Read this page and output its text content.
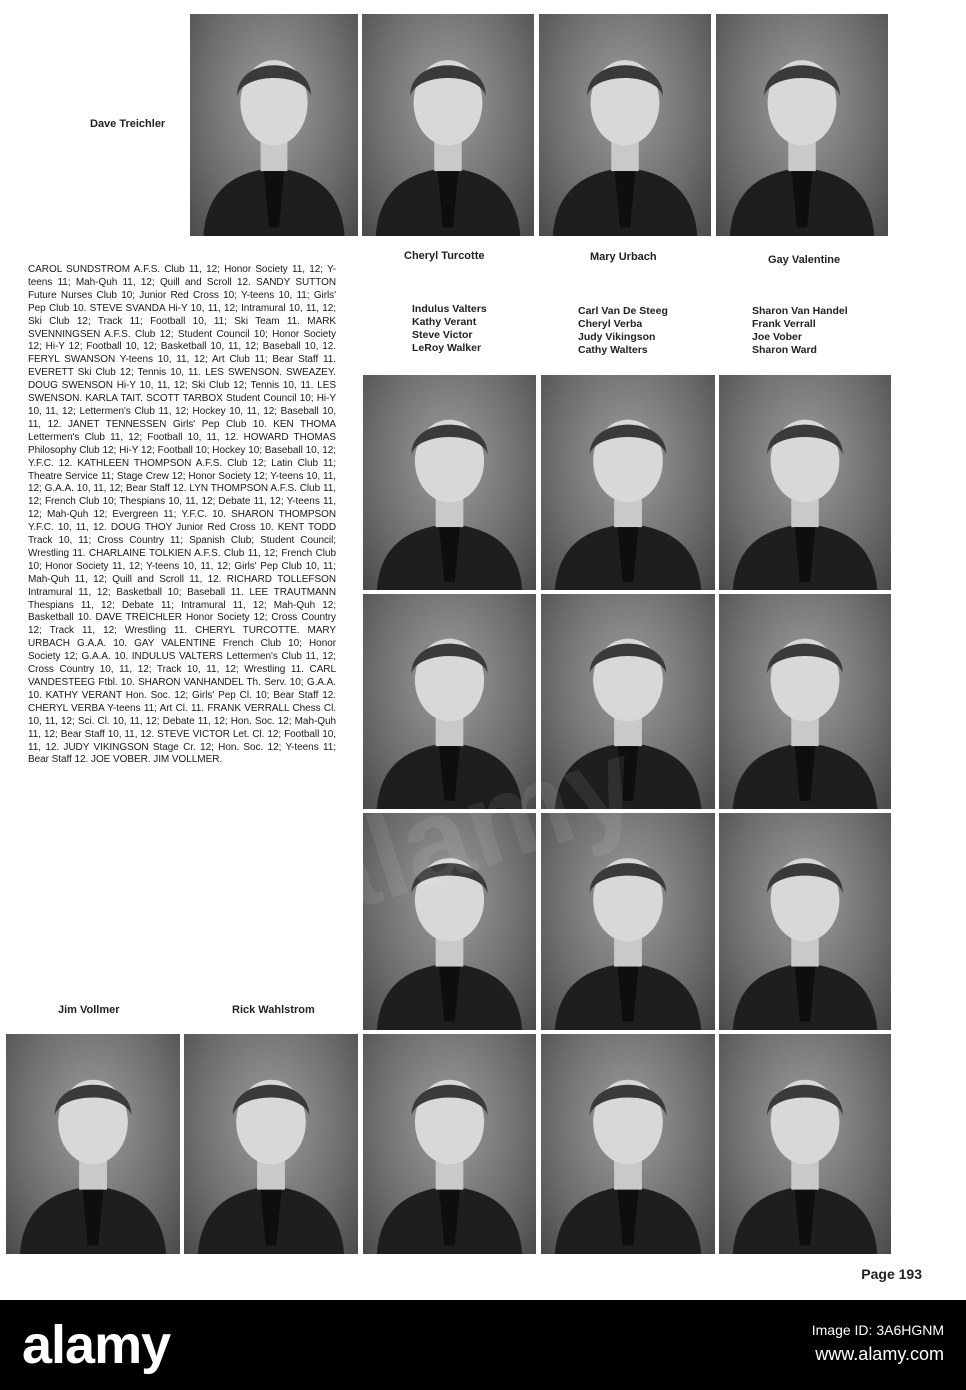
Dave Treichler
Cheryl Turcotte	Mary Urbach	Gay Valentine
Indulus Valters
Kathy Verant
Steve Victor
LeRoy Walker
Carl Van De Steeg
Cheryl Verba
Judy Vikingson
Cathy Walters
Sharon Van Handel
Frank Verrall
Joe Vober
Sharon Ward
CAROL SUNDSTROM A.F.S. Club 11, 12; Honor Society 11, 12; Y-teens 11; Mah-Quh 11, 12; Quill and Scroll 12. SANDY SUTTON Future Nurses Club 10; Junior Red Cross 10; Y-teens 10, 11; Girls' Pep Club 10. STEVE SVANDA Hi-Y 10, 11, 12; Intramural 10, 11, 12; Ski Club 12; Track 11; Football 10, 11; Ski Team 11. MARK SVENNINGSEN A.F.S. Club 12; Student Council 10; Honor Society 12; Hi-Y 12; Football 10, 12; Basketball 10, 11, 12; Baseball 10, 12. FERYL SWANSON Y-teens 10, 11, 12; Art Club 11; Bear Staff 11. EVERETT Ski Club 12; Tennis 10, 11. LES SWENSON. SWEAZEY. DOUG SWENSON Hi-Y 10, 11, 12; Ski Club 12; Tennis 10, 11. LES SWENSON. KARLA TAIT. SCOTT TARBOX Student Council 10; Hi-Y 10, 11, 12; Lettermen's Club 11, 12; Hockey 10, 11, 12; Baseball 10, 11, 12. JANET TENNESSEN Girls' Pep Club 10. KEN THOMA Lettermen's Club 11, 12; Football 10, 11, 12. HOWARD THOMAS Philosophy Club 12; Hi-Y 12; Football 10; Hockey 10; Baseball 10, 12; Y.F.C. 12. KATHLEEN THOMPSON A.F.S. Club 12; Latin Club 11; Theatre Service 11; Stage Crew 12; Honor Society 12; Y-teens 10, 11, 12; G.A.A. 10, 11, 12; Bear Staff 12. LYN THOMPSON A.F.S. Club 11, 12; French Club 10; Thespians 10, 11, 12; Debate 11, 12; Y-teens 11, 12; Mah-Quh 12; Evergreen 11; Y.F.C. 10. SHARON THOMPSON Y.F.C. 10, 11, 12. DOUG THOY Junior Red Cross 10. KENT TODD Track 10, 11; Cross Country 11; Spanish Club; Student Council; Wrestling 11. CHARLAINE TOLKIEN A.F.S. Club 11, 12; French Club 10; Honor Society 11, 12; Y-teens 10, 11, 12; Girls' Pep Club 10, 11; Mah-Quh 11, 12; Quill and Scroll 11, 12. RICHARD TOLLEFSON Intramural 11, 12; Basketball 10; Baseball 11. LEE TRAUTMANN Thespians 11, 12; Debate 11; Intramural 11, 12; Mah-Quh 12; Basketball 10. DAVE TREICHLER Honor Society 12; Cross Country 12; Track 11, 12; Wrestling 11. CHERYL TURCOTTE. MARY URBACH G.A.A. 10. GAY VALENTINE French Club 10; Honor Society 12; G.A.A. 10. INDULUS VALTERS Lettermen's Club 11, 12; Cross Country 10, 11, 12; Track 10, 11, 12; Wrestling 11. CARL VANDESTEEG Ftbl. 10. SHARON VANHANDEL Th. Serv. 10; G.A.A. 10. KATHY VERANT Hon. Soc. 12; Girls' Pep Cl. 10; Bear Staff 12. CHERYL VERBA Y-teens 11; Art Cl. 11. FRANK VERRALL Chess Cl. 10, 11, 12; Sci. Cl. 10, 11, 12; Debate 11, 12; Hon. Soc. 12; Mah-Quh 11, 12; Bear Staff 10, 11, 12. STEVE VICTOR Let. Cl. 12; Football 10, 11, 12. JUDY VIKINGSON Stage Cr. 12; Hon. Soc. 12; Y-teens 11; Bear Staff 12. JOE VOBER. JIM VOLLMER.
Jim Vollmer	Rick Wahlstrom
Page 193
alamy	Image ID: 3A6HGNM
www.alamy.com
